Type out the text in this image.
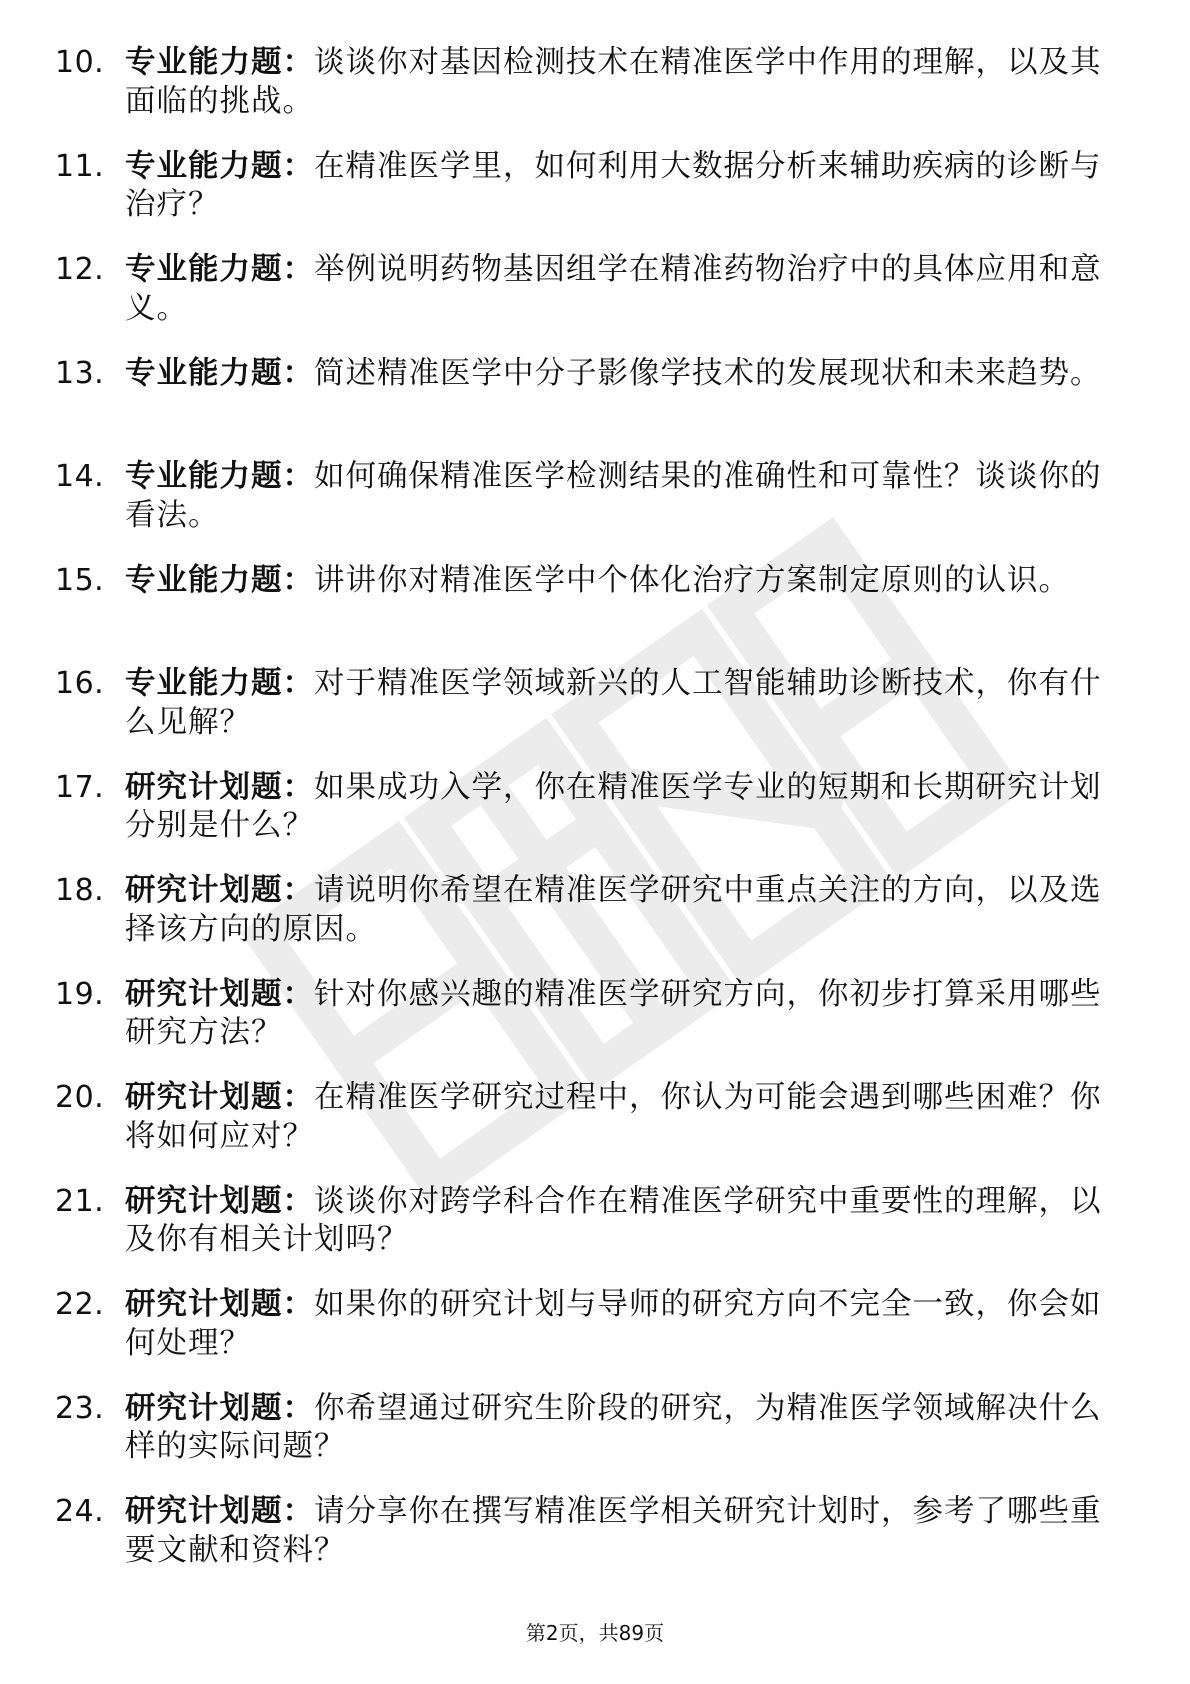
10. 专业能力题：谈谈你对基因检测技术在精准医学中作用的理解，以及其面临的挑战。
11. 专业能力题：在精准医学里，如何利用大数据分析来辅助疾病的诊断与治疗？
12. 专业能力题：举例说明药物基因组学在精准药物治疗中的具体应用和意义。
13. 专业能力题：简述精准医学中分子影像学技术的发展现状和未来趋势。
14. 专业能力题：如何确保精准医学检测结果的准确性和可靠性？谈谈你的看法。
15. 专业能力题：讲讲你对精准医学中个体化治疗方案制定原则的认识。
16. 专业能力题：对于精准医学领域新兴的人工智能辅助诊断技术，你有什么见解？
17. 研究计划题：如果成功入学，你在精准医学专业的短期和长期研究计划分别是什么？
18. 研究计划题：请说明你希望在精准医学研究中重点关注的方向，以及选择该方向的原因。
19. 研究计划题：针对你感兴趣的精准医学研究方向，你初步打算采用哪些研究方法？
20. 研究计划题：在精准医学研究过程中，你认为可能会遇到哪些困难？你将如何应对？
21. 研究计划题：谈谈你对跨学科合作在精准医学研究中重要性的理解，以及你有相关计划吗？
22. 研究计划题：如果你的研究计划与导师的研究方向不完全一致，你会如何处理？
23. 研究计划题：你希望通过研究生阶段的研究，为精准医学领域解决什么样的实际问题？
24. 研究计划题：请分享你在撰写精准医学相关研究计划时，参考了哪些重要文献和资料？
第2页，共89页
